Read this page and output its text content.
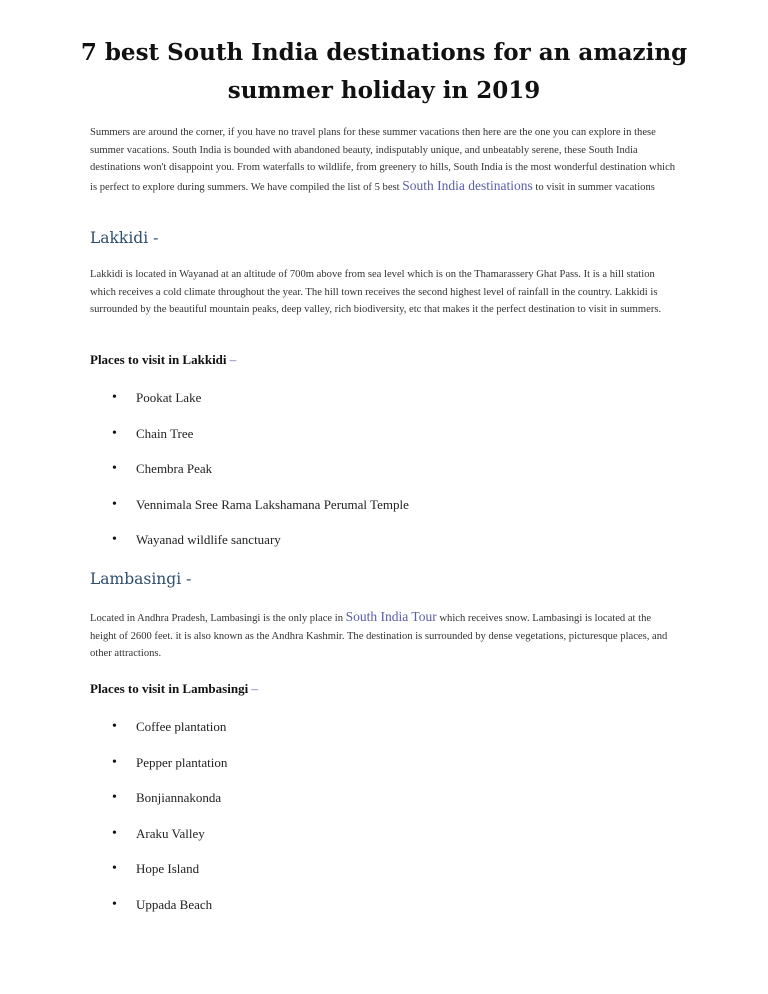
7 best South India destinations for an amazing
summer holiday in 2019

Summers are around the corner, if you have no travel plans for these summer vacations then here are the one you can explore in these summer vacations. South India is bounded with abandoned beauty, indisputably unique, and unbeatably serene, these South India destinations won't disappoint you. From waterfalls to wildlife, from greenery to hills, South India is the most wonderful destination which is perfect to explore during summers. We have compiled the list of 5 best South India destinations to visit in summer vacations

Lakkidi -

Lakkidi is located in Wayanad at an altitude of 700m above from sea level which is on the Thamarassery Ghat Pass. It is a hill station which receives a cold climate throughout the year. The hill town receives the second highest level of rainfall in the country. Lakkidi is surrounded by the beautiful mountain peaks, deep valley, rich biodiversity, etc that makes it the perfect destination to visit in summers.

Places to visit in Lakkidi –
• Pookat Lake
• Chain Tree
• Chembra Peak
• Vennimala Sree Rama Lakshamana Perumal Temple
• Wayanad wildlife sanctuary
Lambasingi -

Located in Andhra Pradesh, Lambasingi is the only place in South India Tour which receives snow. Lambasingi is located at the height of 2600 feet. it is also known as the Andhra Kashmir. The destination is surrounded by dense vegetations, picturesque places, and other attractions.

Places to visit in Lambasingi –
• Coffee plantation
• Pepper plantation
• Bonjiannakonda
• Araku Valley
• Hope Island
• Uppada Beach
